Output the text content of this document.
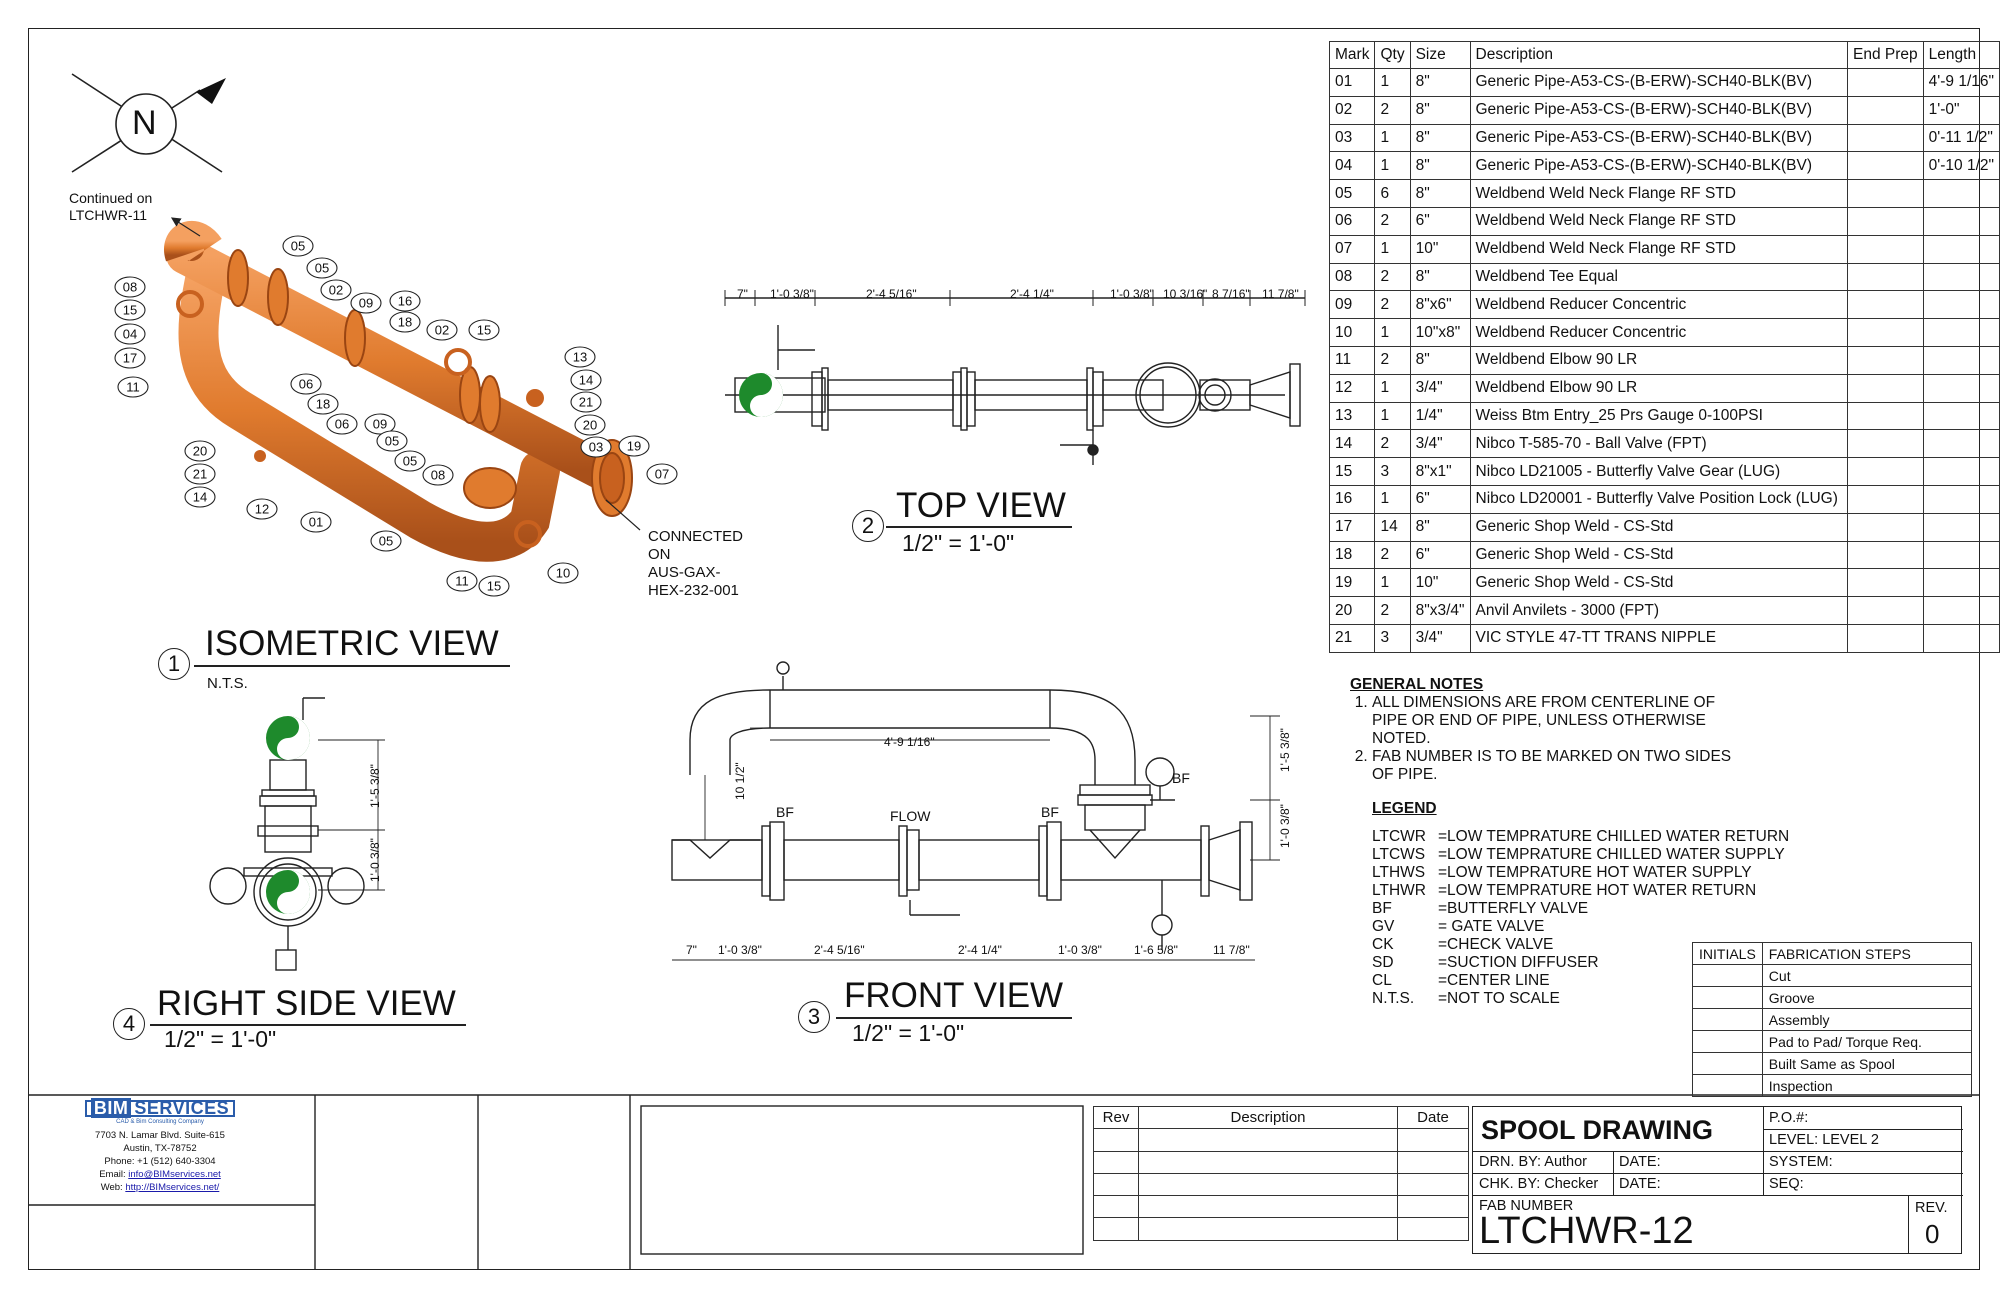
05
05
02
09 16
18
02 15
08
15
04
17
11	06
18
06 09
05
05
08
13
14
21
20
03 19
07
20
21
14
12
01
05
11 15
10
N
Continued on
LTCHWR-11
CONNECTED
ON
AUS-GAX-
HEX-232-001
1
ISOMETRIC VIEW
N.T.S.
2
TOP VIEW
1/2" = 1'-0"
3
FRONT VIEW
1/2" = 1'-0"
4
RIGHT SIDE VIEW
1/2" = 1'-0"
7" 1'-0 3/8"	2'-4 5/16"	2'-4 1/4"	1'-0 3/8" 10 3/16" 8 7/16" 11 7/8"
7" 1'-0 3/8"	2'-4 5/16"	2'-4 1/4"	1'-0 3/8"	1'-6 5/8"	11 7/8"
4'-9 1/16"
10 1/2"
1'-5 3/8"
1'-0 3/8"
BF	FLOW	BF
BF
1'-5 3/8"
1'-0 3/8"
Mark	Qty	Size	Description	End Prep	Length
01	1	8"	Generic Pipe-A53-CS-(B-ERW)-SCH40-BLK(BV)		4'-9 1/16"
02	2	8"	Generic Pipe-A53-CS-(B-ERW)-SCH40-BLK(BV)		1'-0"
03	1	8"	Generic Pipe-A53-CS-(B-ERW)-SCH40-BLK(BV)		0'-11 1/2"
04	1	8"	Generic Pipe-A53-CS-(B-ERW)-SCH40-BLK(BV)		0'-10 1/2"
05	6	8"	Weldbend Weld Neck Flange RF STD		
06	2	6"	Weldbend Weld Neck Flange RF STD		
07	1	10"	Weldbend Weld Neck Flange RF STD		
08	2	8"	Weldbend Tee Equal		
09	2	8"x6"	Weldbend Reducer Concentric		
10	1	10"x8"	Weldbend Reducer Concentric		
11	2	8"	Weldbend Elbow 90 LR		
12	1	3/4"	Weldbend Elbow 90 LR		
13	1	1/4"	Weiss Btm Entry_25 Prs Gauge 0-100PSI		
14	2	3/4"	Nibco T-585-70 - Ball Valve (FPT)		
15	3	8"x1"	Nibco LD21005 - Butterfly Valve Gear (LUG)		
16	1	6"	Nibco LD20001 - Butterfly Valve Position Lock (LUG)		
17	14	8"	Generic Shop Weld - CS-Std		
18	2	6"	Generic Shop Weld - CS-Std		
19	1	10"	Generic Shop Weld - CS-Std		
20	2	8"x3/4"	Anvil Anvilets - 3000 (FPT)		
21	3	3/4"	VIC STYLE 47-TT TRANS NIPPLE		
GENERAL NOTES
1. ALL DIMENSIONS ARE FROM CENTERLINE OF PIPE OR END OF PIPE, UNLESS OTHERWISE NOTED.
2. FAB NUMBER IS TO BE MARKED ON TWO SIDES OF PIPE.
LEGEND
LTCWR =LOW TEMPRATURE CHILLED WATER RETURN
LTCWS =LOW TEMPRATURE CHILLED WATER SUPPLY
LTHWS =LOW TEMPRATURE HOT WATER SUPPLY
LTHWR =LOW TEMPRATURE HOT WATER RETURN
BF	=BUTTERFLY VALVE
GV	= GATE VALVE
CK	=CHECK VALVE
SD	=SUCTION DIFFUSER
CL	=CENTER LINE
N.T.S.	=NOT TO SCALE
INITIALS	FABRICATION STEPS
	Cut
	Groove
	Assembly
	Pad to Pad/ Torque Req.
	Built Same as Spool
	Inspection
BIM SERVICES
CAD & Bim Consulting Company
7703 N. Lamar Blvd. Suite-615
Austin, TX-78752
Phone: +1 (512) 640-3304
Email: info@BIMservices.net
Web: http://BIMservices.net/
Rev	Description	Date

		SPOOL DRAWING	P.O.#:
LEVEL: LEVEL 2
DRN. BY: Author DATE:	SYSTEM:
CHK. BY: Checker DATE:	SEQ:
FAB NUMBER
LTCHWR-12
REV.
0
